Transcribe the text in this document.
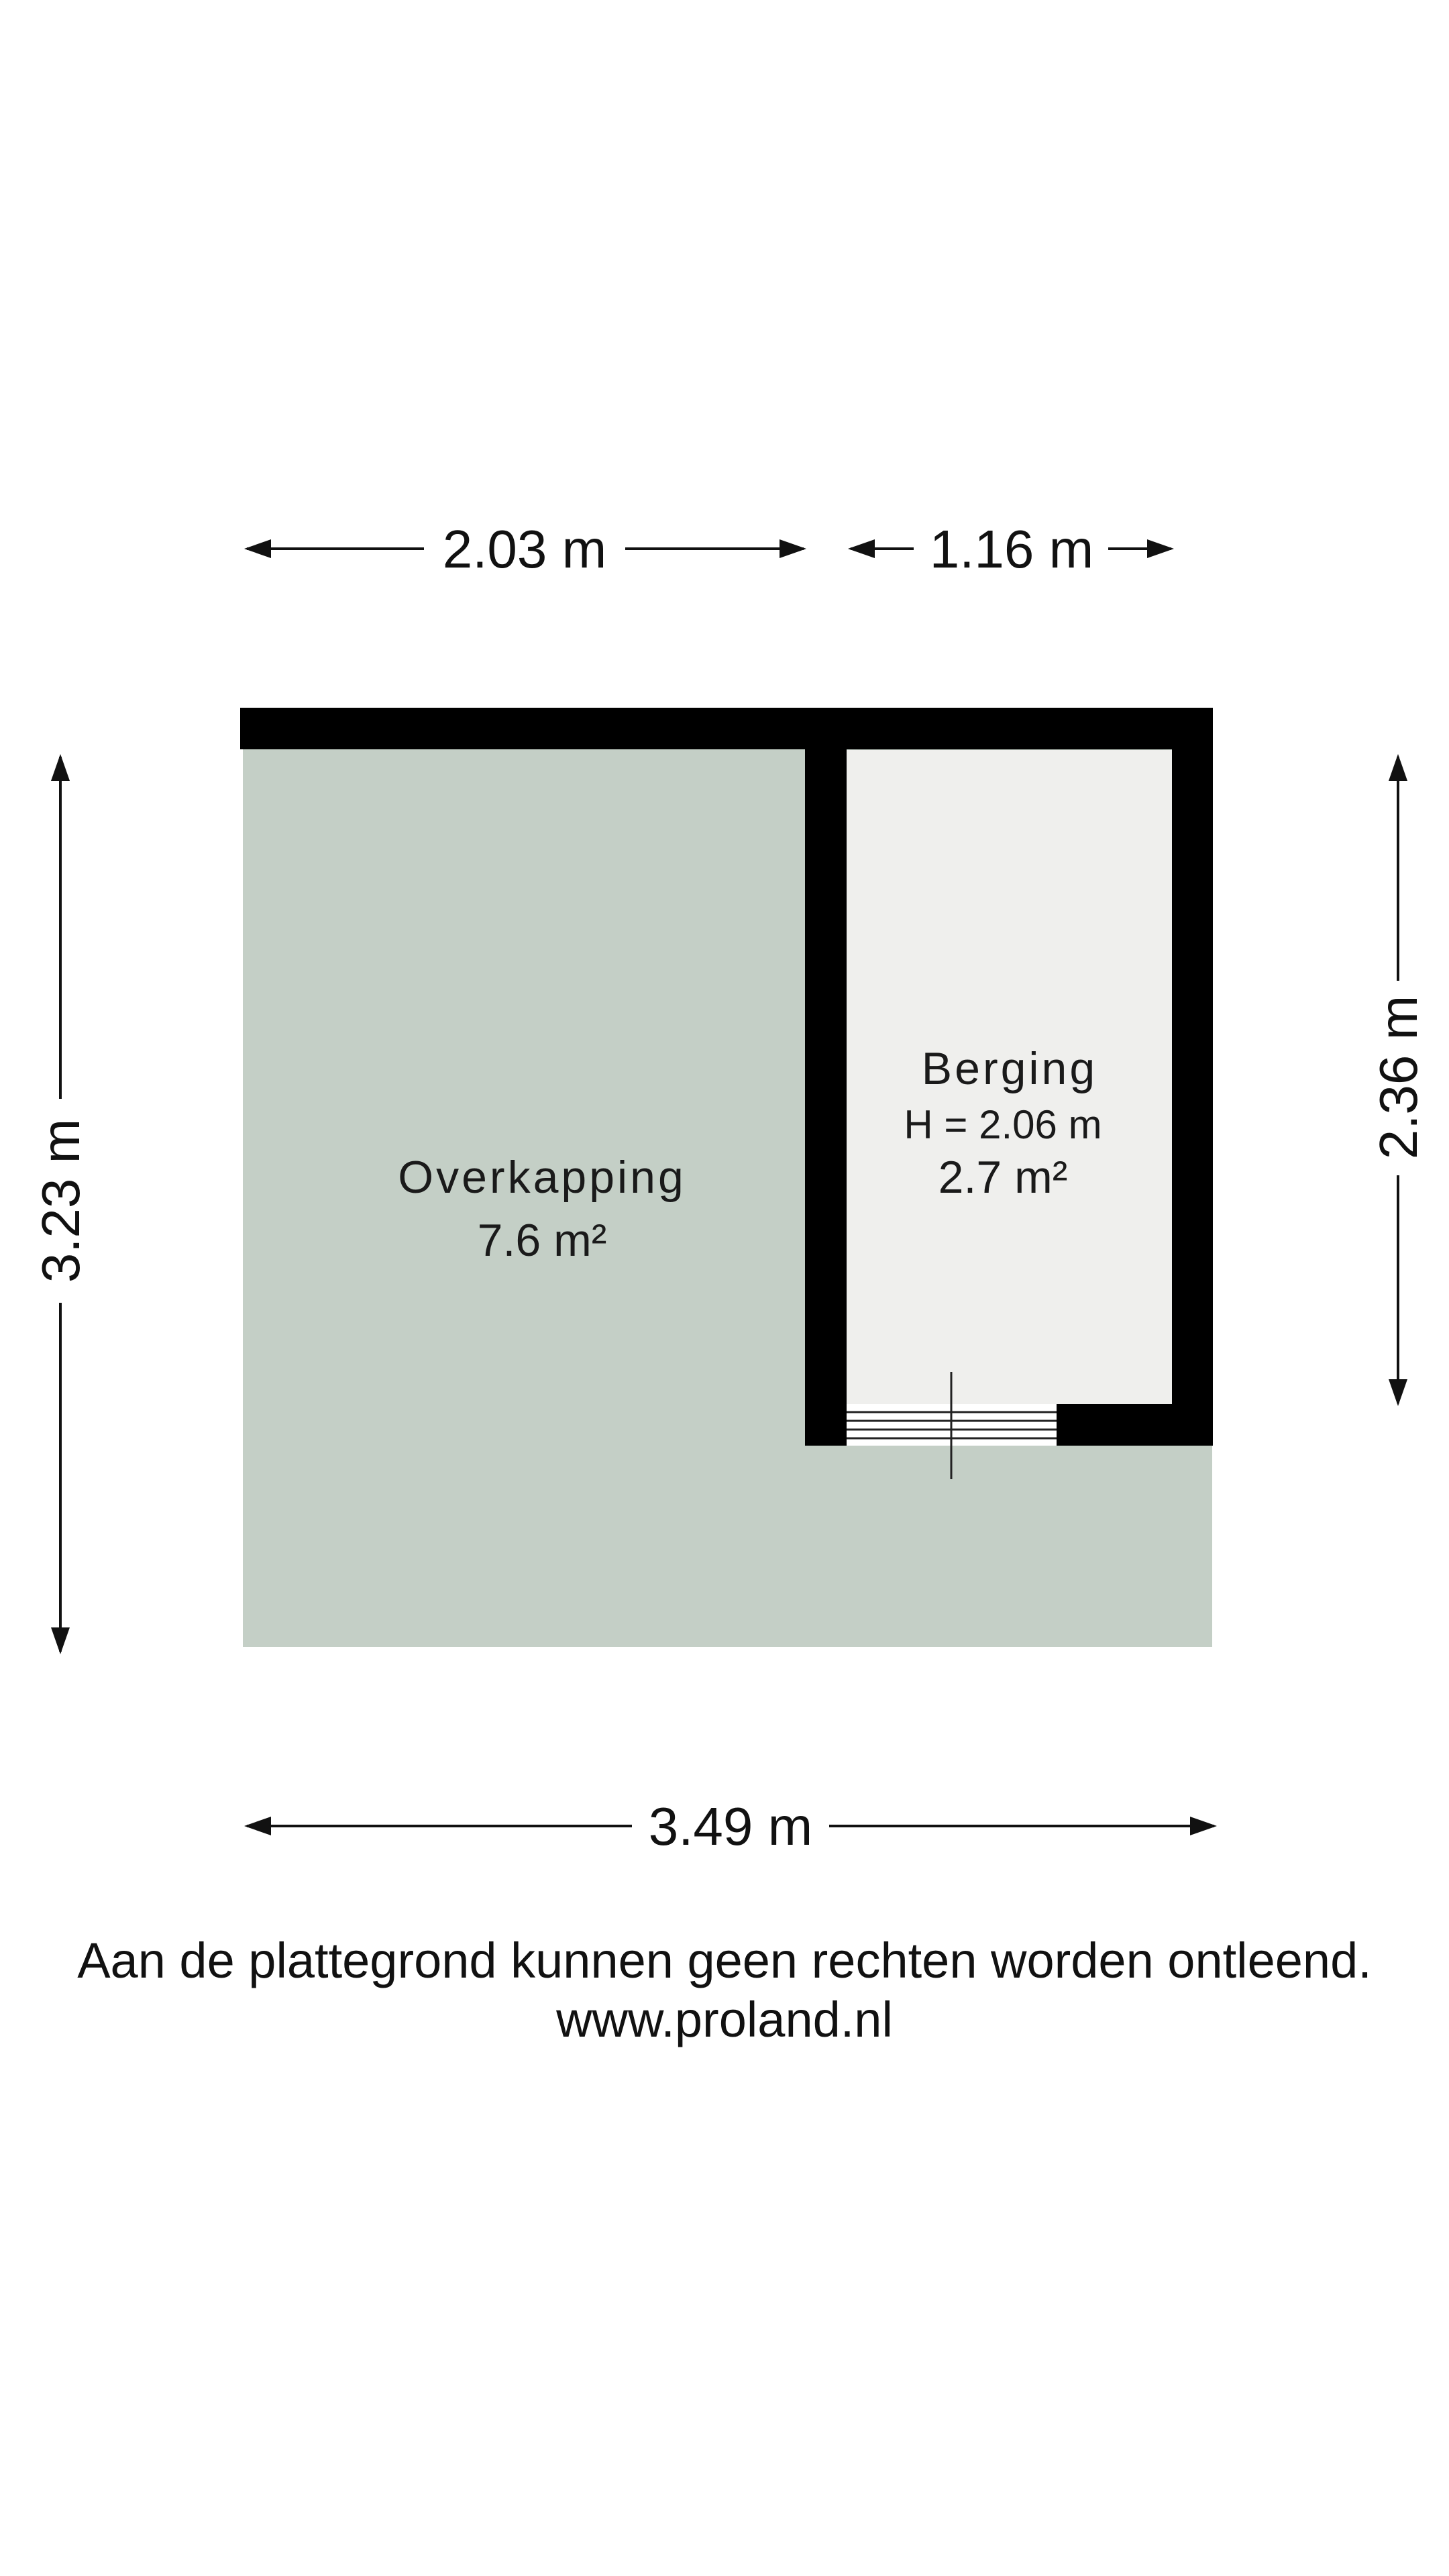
Overkapping
7.6 m²
Berging
H = 2.06 m
2.7 m²
2.03 m	1.16 m
3.23 m
2.36 m
3.49 m
Aan de plattegrond kunnen geen rechten worden ontleend.
www.proland.nl
